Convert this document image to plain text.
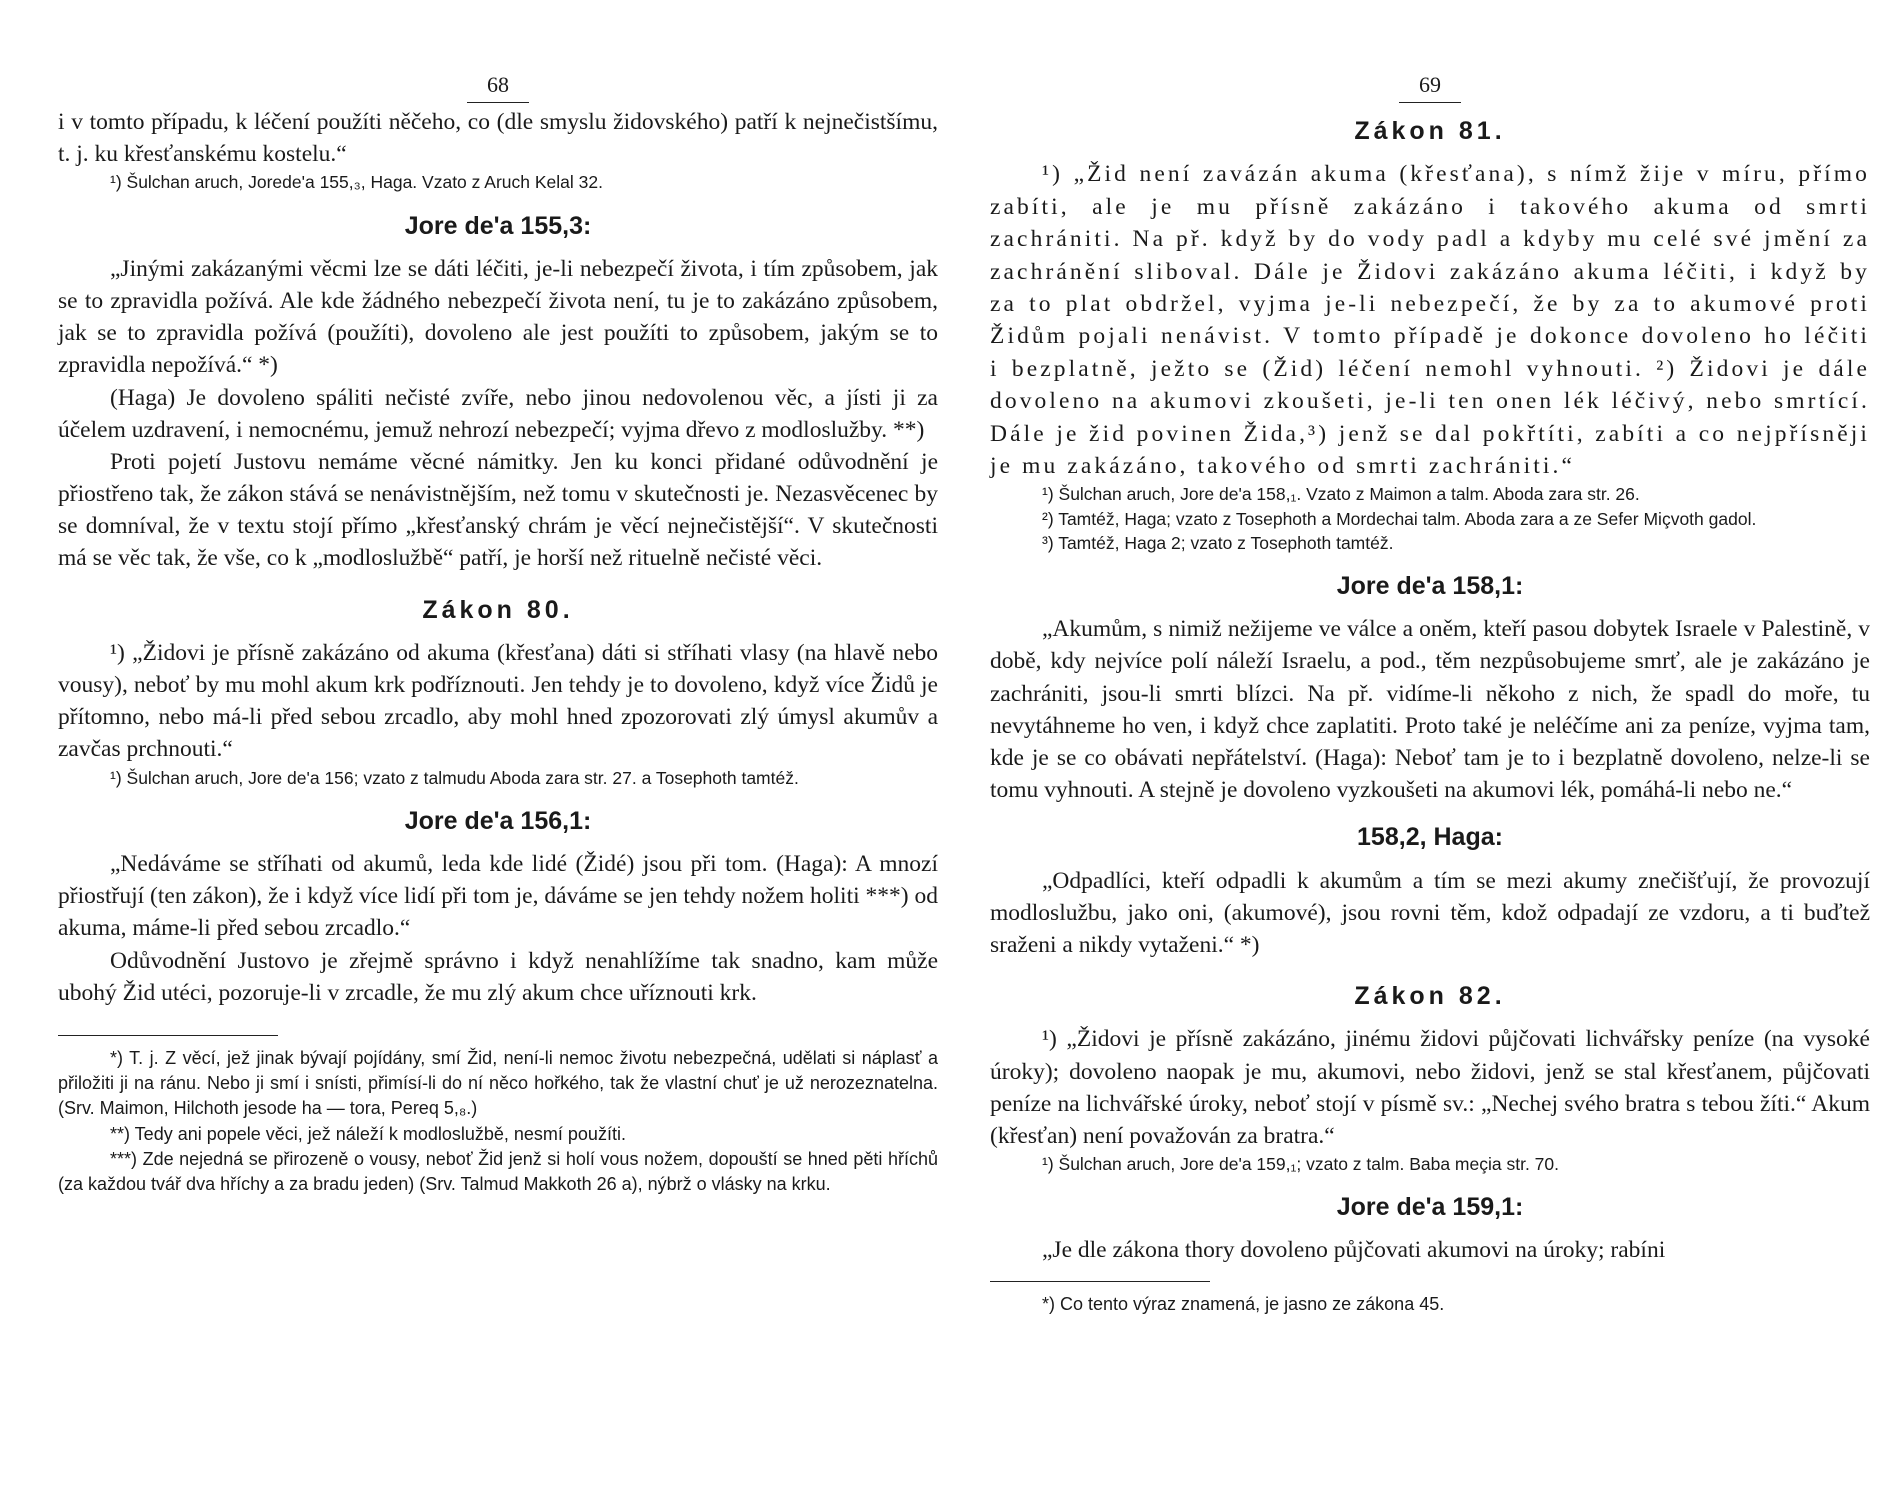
68

i v tomto případu, k léčení použíti něčeho, co (dle smyslu židovského) patří k nejnečistšímu, t. j. ku křesťanskému kostelu.“

¹) Šulchan aruch, Jorede'a 155,₃, Haga. Vzato z Aruch Kelal 32.

Jore de'a 155,3:

„Jinými zakázanými věcmi lze se dáti léčiti, je-li nebezpečí života, i tím způsobem, jak se to zpravidla požívá. Ale kde žádného nebezpečí života není, tu je to zakázáno způsobem, jak se to zpravidla požívá (použíti), dovoleno ale jest použíti to způsobem, jakým se to zpravidla nepožívá.“ *)

(Haga) Je dovoleno spáliti nečisté zvíře, nebo jinou nedovolenou věc, a jísti ji za účelem uzdravení, i nemocnému, jemuž nehrozí nebezpečí; vyjma dřevo z modloslužby. **)

Proti pojetí Justovu nemáme věcné námitky. Jen ku konci přidané odůvodnění je přiostřeno tak, že zákon stává se nenávistnějším, než tomu v skutečnosti je. Nezasvěcenec by se domníval, že v textu stojí přímo „křesťanský chrám je věcí nejnečistější“. V skutečnosti má se věc tak, že vše, co k „modloslužbě“ patří, je horší než rituelně nečisté věci.

Zákon 80.

¹) „Židovi je přísně zakázáno od akuma (křesťana) dáti si stříhati vlasy (na hlavě nebo vousy), neboť by mu mohl akum krk podříznouti. Jen tehdy je to dovoleno, když více Židů je přítomno, nebo má-li před sebou zrcadlo, aby mohl hned zpozorovati zlý úmysl akumův a zavčas prchnouti.“

¹) Šulchan aruch, Jore de'a 156; vzato z talmudu Aboda zara str. 27. a Tosephoth tamtéž.

Jore de'a 156,1:

„Nedáváme se stříhati od akumů, leda kde lidé (Židé) jsou při tom. (Haga): A mnozí přiostřují (ten zákon), že i když více lidí při tom je, dáváme se jen tehdy nožem holiti ***) od akuma, máme-li před sebou zrcadlo.“

Odůvodnění Justovo je zřejmě správno i když nenahlížíme tak snadno, kam může ubohý Žid utéci, pozoruje-li v zrcadle, že mu zlý akum chce uříznouti krk.

*) T. j. Z věcí, jež jinak bývají pojídány, smí Žid, není-li nemoc životu nebezpečná, udělati si náplasť a přiložiti ji na ránu. Nebo ji smí i snísti, přimísí-li do ní něco hořkého, tak že vlastní chuť je už nerozeznatelna. (Srv. Maimon, Hilchoth jesode ha — tora, Pereq 5,₈.)

**) Tedy ani popele věci, jež náleží k modloslužbě, nesmí použíti.

***) Zde nejedná se přirozeně o vousy, neboť Žid jenž si holí vous nožem, dopouští se hned pěti hříchů (za každou tvář dva hříchy a za bradu jeden) (Srv. Talmud Makkoth 26 a), nýbrž o vlásky na krku.

69
Zákon 81.

¹) „Žid není zavázán akuma (křesťana), s nímž žije v míru, přímo zabíti, ale je mu přísně zakázáno i takového akuma od smrti zachrániti. Na př. když by do vody padl a kdyby mu celé své jmění za zachránění sliboval. Dále je Židovi zakázáno akuma léčiti, i když by za to plat obdržel, vyjma je-li nebezpečí, že by za to akumové proti Židům pojali nenávist. V tomto případě je dokonce dovoleno ho léčiti i bezplatně, ježto se (Žid) léčení nemohl vyhnouti. ²) Židovi je dále dovoleno na akumovi zkoušeti, je-li ten onen lék léčivý, nebo smrtící. Dále je žid povinen Žida,³) jenž se dal pokřtíti, zabíti a co nejpřísněji je mu zakázáno, takového od smrti zachrániti.“

¹) Šulchan aruch, Jore de'a 158,₁. Vzato z Maimon a talm. Aboda zara str. 26.

²) Tamtéž, Haga; vzato z Tosephoth a Mordechai talm. Aboda zara a ze Sefer Miçvoth gadol.

³) Tamtéž, Haga 2; vzato z Tosephoth tamtéž.

Jore de'a 158,1:

„Akumům, s nimiž nežijeme ve válce a oněm, kteří pasou dobytek Israele v Palestině, v době, kdy nejvíce polí náleží Israelu, a pod., těm nezpůsobujeme smrť, ale je zakázáno je zachrániti, jsou-li smrti blízci. Na př. vidíme-li někoho z nich, že spadl do moře, tu nevytáhneme ho ven, i když chce zaplatiti. Proto také je neléčíme ani za peníze, vyjma tam, kde je se co obávati nepřátelství. (Haga): Neboť tam je to i bezplatně dovoleno, nelze-li se tomu vyhnouti. A stejně je dovoleno vyzkoušeti na akumovi lék, pomáhá-li nebo ne.“

158,2, Haga:

„Odpadlíci, kteří odpadli k akumům a tím se mezi akumy znečišťují, že provozují modloslužbu, jako oni, (akumové), jsou rovni těm, kdož odpadají ze vzdoru, a ti buďtež sraženi a nikdy vytaženi.“ *)

Zákon 82.

¹) „Židovi je přísně zakázáno, jinému židovi půjčovati lichvářsky peníze (na vysoké úroky); dovoleno naopak je mu, akumovi, nebo židovi, jenž se stal křesťanem, půjčovati peníze na lichvářské úroky, neboť stojí v písmě sv.: „Nechej svého bratra s tebou žíti.“ Akum (křesťan) není považován za bratra.“

¹) Šulchan aruch, Jore de'a 159,₁; vzato z talm. Baba meçia str. 70.

Jore de'a 159,1:

„Je dle zákona thory dovoleno půjčovati akumovi na úroky; rabíni

*) Co tento výraz znamená, je jasno ze zákona 45.
